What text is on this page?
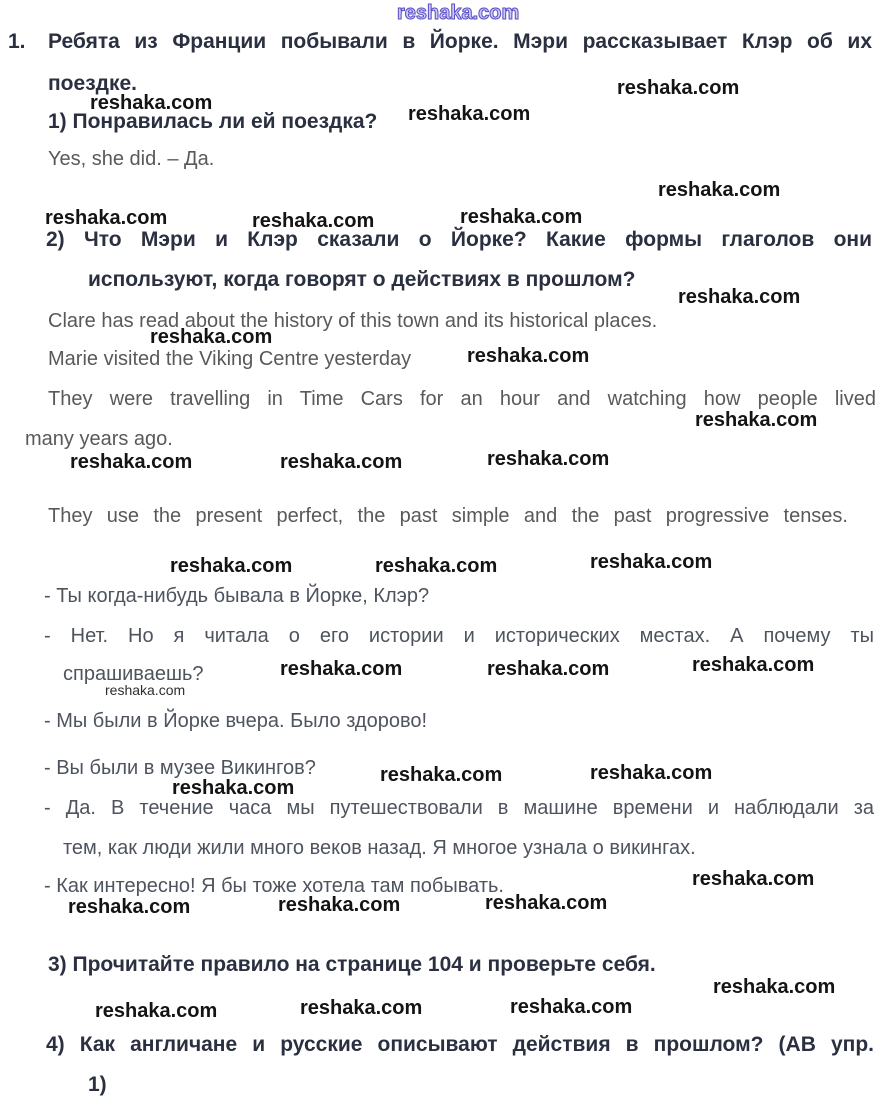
1. Ребята из Франции побывали в Йорке. Мэри рассказывает Клэр об их
поездке.
1) Понравилась ли ей поездка?
Yes, she did. – Да.
2) Что Мэри и Клэр сказали о Йорке? Какие формы глаголов они
используют, когда говорят о действиях в прошлом?
Clare has read about the history of this town and its historical places.
Marie visited the Viking Centre yesterday
They were travelling in Time Cars for an hour and watching how people lived
many years ago.
They use the present perfect, the past simple and the past progressive tenses.
- Ты когда-нибудь бывала в Йорке, Клэр?
- Нет. Но я читала о его истории и исторических местах. А почему ты
спрашиваешь?
- Мы были в Йорке вчера. Было здорово!
- Вы были в музее Викингов?
- Да. В течение часа мы путешествовали в машине времени и наблюдали за
тем, как люди жили много веков назад. Я многое узнала о викингах.
- Как интересно! Я бы тоже хотела там побывать.
3) Прочитайте правило на странице 104 и проверьте себя.
4) Как англичане и русские описывают действия в прошлом? (АВ упр.
1)
reshaka.com
reshaka.com
reshaka.com	reshaka.com
reshaka.com
reshaka.com	reshaka.com	reshaka.com
reshaka.com
reshaka.com
reshaka.com
reshaka.com
reshaka.com	reshaka.com	reshaka.com
reshaka.com	reshaka.com	reshaka.com
reshaka.com	reshaka.com	reshaka.com
reshaka.com
reshaka.com	reshaka.com
reshaka.com
reshaka.com
reshaka.com	reshaka.com	reshaka.com
reshaka.com
reshaka.com	reshaka.com	reshaka.com
